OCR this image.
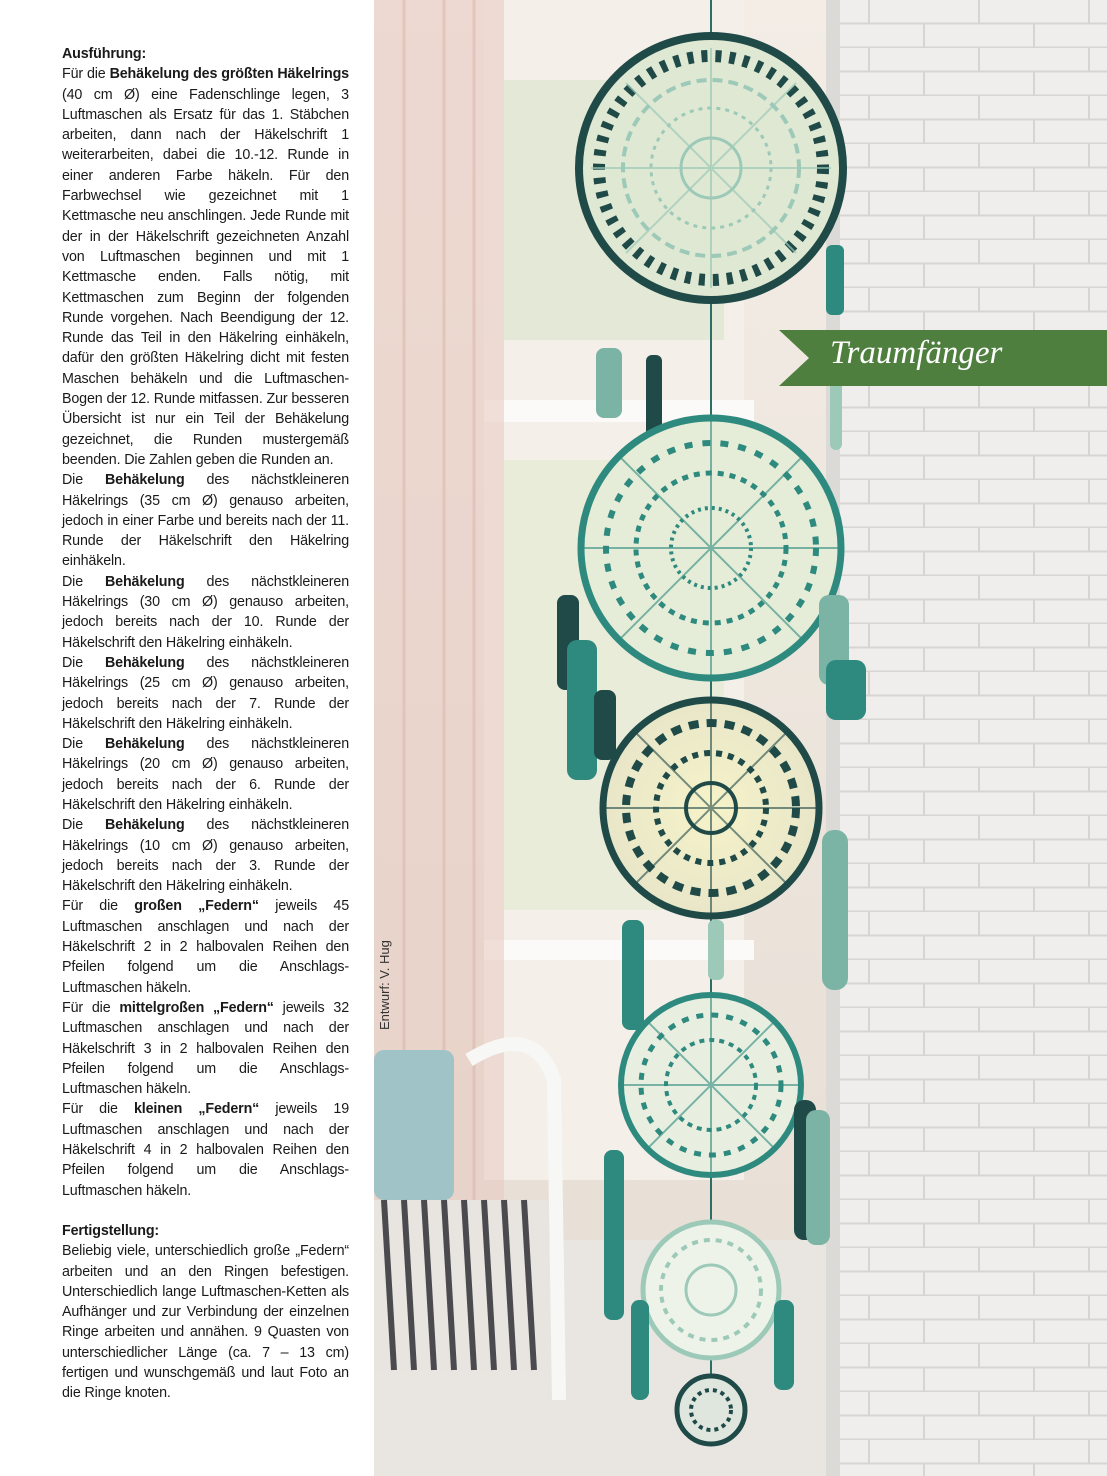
Ausführung:

Für die Behäkelung des größten Häkelrings (40 cm Ø) eine Fadenschlinge legen, 3 Luftmaschen als Ersatz für das 1. Stäbchen arbeiten, dann nach der Häkelschrift 1 weiterarbeiten, dabei die 10.-12. Runde in einer anderen Farbe häkeln. Für den Farbwechsel wie gezeichnet mit 1 Kettmasche neu anschlingen. Jede Runde mit der in der Häkelschrift gezeichneten Anzahl von Luftmaschen beginnen und mit 1 Kettmasche enden. Falls nötig, mit Kettmaschen zum Beginn der folgenden Runde vorgehen. Nach Beendigung der 12. Runde das Teil in den Häkelring einhäkeln, dafür den größten Häkelring dicht mit festen Maschen behäkeln und die Luftmaschen-Bogen der 12. Runde mitfassen. Zur besseren Übersicht ist nur ein Teil der Behäkelung gezeichnet, die Runden mustergemäß beenden. Die Zahlen geben die Runden an.

Die Behäkelung des nächstkleineren Häkelrings (35 cm Ø) genauso arbeiten, jedoch in einer Farbe und bereits nach der 11. Runde der Häkelschrift den Häkelring einhäkeln.

Die Behäkelung des nächstkleineren Häkelrings (30 cm Ø) genauso arbeiten, jedoch bereits nach der 10. Runde der Häkelschrift den Häkelring einhäkeln.

Die Behäkelung des nächstkleineren Häkelrings (25 cm Ø) genauso arbeiten, jedoch bereits nach der 7. Runde der Häkelschrift den Häkelring einhäkeln.

Die Behäkelung des nächstkleineren Häkelrings (20 cm Ø) genauso arbeiten, jedoch bereits nach der 6. Runde der Häkelschrift den Häkelring einhäkeln.

Die Behäkelung des nächstkleineren Häkelrings (10 cm Ø) genauso arbeiten, jedoch bereits nach der 3. Runde der Häkelschrift den Häkelring einhäkeln.

Für die großen „Federn“ jeweils 45 Luftmaschen anschlagen und nach der Häkelschrift 2 in 2 halbovalen Reihen den Pfeilen folgend um die Anschlags-Luftmaschen häkeln.

Für die mittelgroßen „Federn“ jeweils 32 Luftmaschen anschlagen und nach der Häkelschrift 3 in 2 halbovalen Reihen den Pfeilen folgend um die Anschlags-Luftmaschen häkeln.

Für die kleinen „Federn“ jeweils 19 Luftmaschen anschlagen und nach der Häkelschrift 4 in 2 halbovalen Reihen den Pfeilen folgend um die Anschlags-Luftmaschen häkeln.

Fertigstellung:

Beliebig viele, unterschiedlich große „Federn“ arbeiten und an den Ringen befestigen. Unterschiedlich lange Luftmaschen-Ketten als Aufhänger und zur Verbindung der einzelnen Ringe arbeiten und annähen. 9 Quasten von unterschiedlicher Länge (ca. 7 – 13 cm) fertigen und wunschgemäß und laut Foto an die Ringe knoten.

Entwurf: V. Hug
Traumfänger
